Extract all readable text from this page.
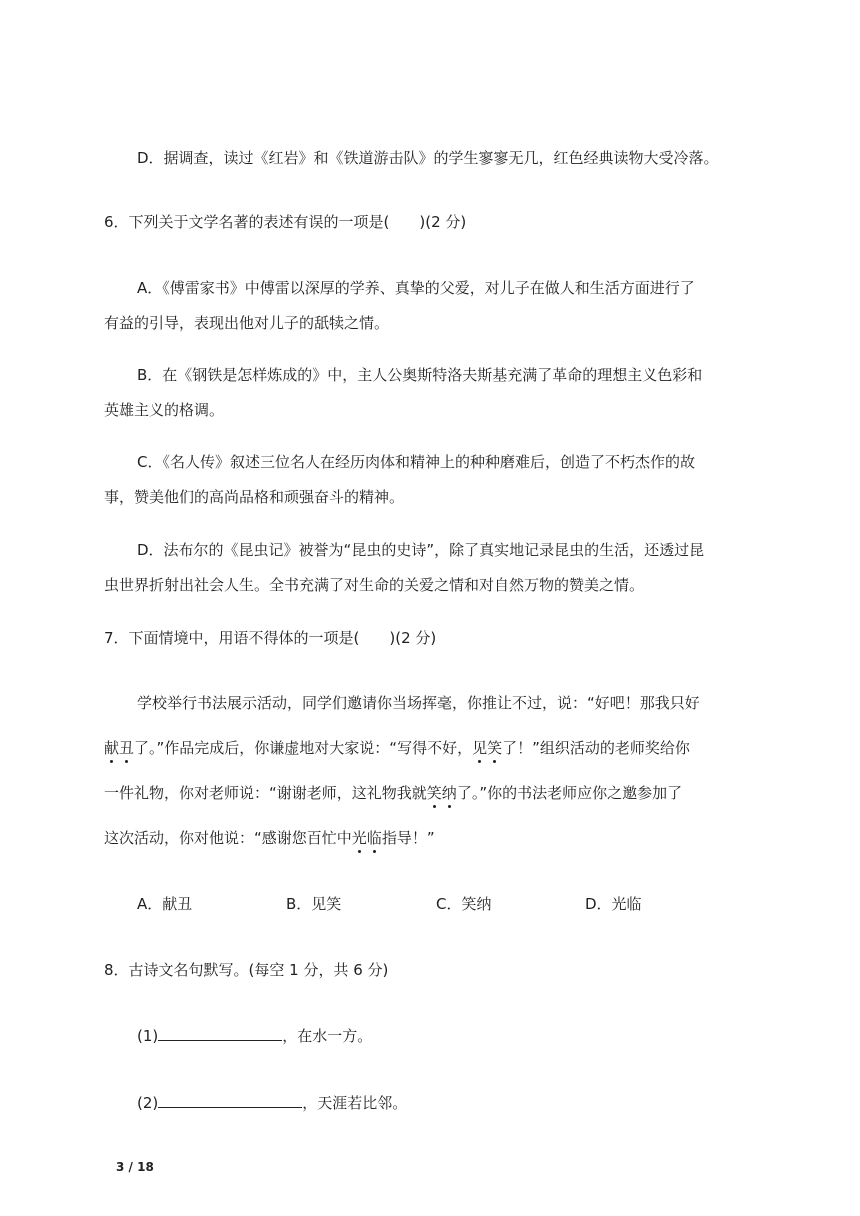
D．据调查，读过《红岩》和《铁道游击队》的学生寥寥无几，红色经典读物大受冷落。
6．下列关于文学名著的表述有误的一项是(　　)(2 分)
A．《傅雷家书》中傅雷以深厚的学养、真挚的父爱，对儿子在做人和生活方面进行了
有益的引导，表现出他对儿子的舐犊之情。
B．在《钢铁是怎样炼成的》中，主人公奥斯特洛夫斯基充满了革命的理想主义色彩和
英雄主义的格调。
C．《名人传》叙述三位名人在经历肉体和精神上的种种磨难后，创造了不朽杰作的故
事，赞美他们的高尚品格和顽强奋斗的精神。
D．法布尔的《昆虫记》被誉为“昆虫的史诗”，除了真实地记录昆虫的生活，还透过昆
虫世界折射出社会人生。全书充满了对生命的关爱之情和对自然万物的赞美之情。
7．下面情境中，用语不得体的一项是(　　)(2 分)
学校举行书法展示活动，同学们邀请你当场挥毫，你推让不过，说：“好吧！那我只好
献丑了。”作品完成后，你谦虚地对大家说：“写得不好，见笑了！”组织活动的老师奖给你
一件礼物，你对老师说：“谢谢老师，这礼物我就笑纳了。”你的书法老师应你之邀参加了
这次活动，你对他说：“感谢您百忙中光临指导！”
A．献丑	B．见笑	C．笑纳	D．光临
8．古诗文名句默写。(每空 1 分，共 6 分)
(1)	，在水一方。
(2)	，天涯若比邻。
3 / 18
